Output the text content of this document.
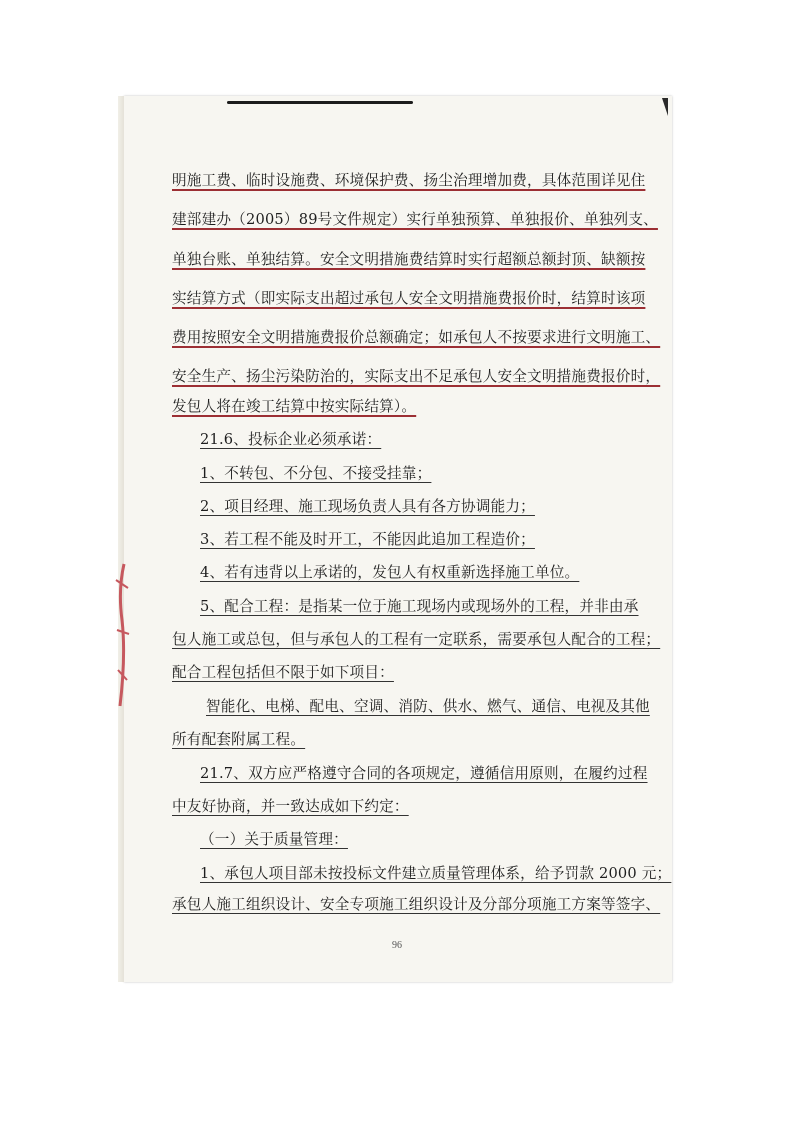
明施工费、临时设施费、环境保护费、扬尘治理增加费，具体范围详见住
建部建办（2005）89号文件规定）实行单独预算、单独报价、单独列支、
单独台账、单独结算。安全文明措施费结算时实行超额总额封顶、缺额按
实结算方式（即实际支出超过承包人安全文明措施费报价时，结算时该项
费用按照安全文明措施费报价总额确定；如承包人不按要求进行文明施工、
安全生产、扬尘污染防治的，实际支出不足承包人安全文明措施费报价时，
发包人将在竣工结算中按实际结算）。
21.6、投标企业必须承诺：
1、不转包、不分包、不接受挂靠；
2、项目经理、施工现场负责人具有各方协调能力；
3、若工程不能及时开工，不能因此追加工程造价；
4、若有违背以上承诺的，发包人有权重新选择施工单位。
5、配合工程：是指某一位于施工现场内或现场外的工程，并非由承
包人施工或总包，但与承包人的工程有一定联系，需要承包人配合的工程；
配合工程包括但不限于如下项目：
智能化、电梯、配电、空调、消防、供水、燃气、通信、电视及其他
所有配套附属工程。
21.7、双方应严格遵守合同的各项规定，遵循信用原则，在履约过程
中友好协商，并一致达成如下约定：
（一）关于质量管理：
1、承包人项目部未按投标文件建立质量管理体系，给予罚款 2000 元；
承包人施工组织设计、安全专项施工组织设计及分部分项施工方案等签字、
96
